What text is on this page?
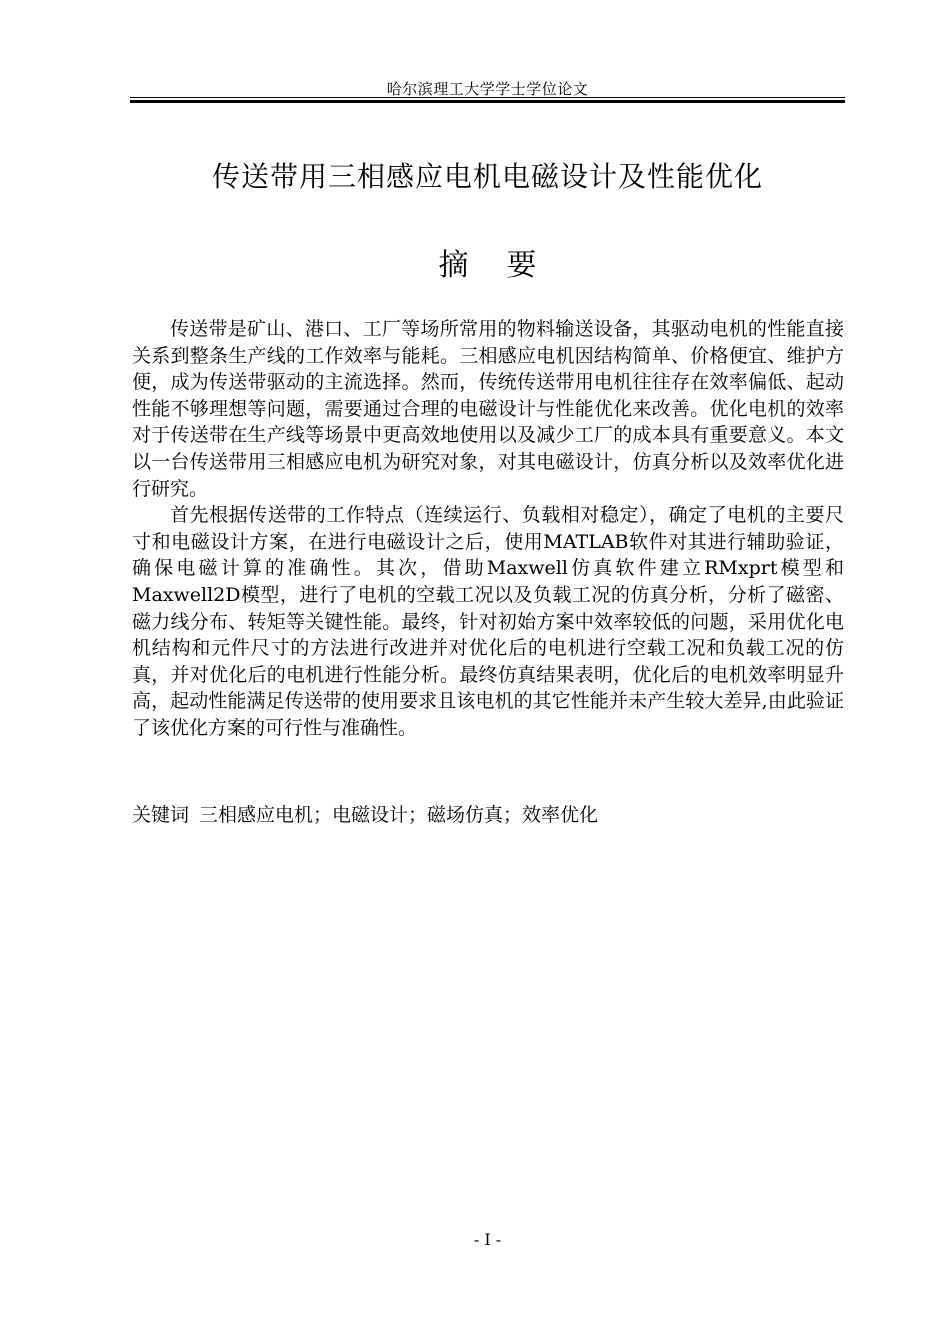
哈尔滨理工大学学士学位论文
传送带用三相感应电机电磁设计及性能优化
摘 要

传送带是矿山、港口、工厂等场所常用的物料输送设备，其驱动电机的性能直接关系到整条生产线的工作效率与能耗。三相感应电机因结构简单、价格便宜、维护方便，成为传送带驱动的主流选择。然而，传统传送带用电机往往存在效率偏低、起动性能不够理想等问题，需要通过合理的电磁设计与性能优化来改善。优化电机的效率对于传送带在生产线等场景中更高效地使用以及减少工厂的成本具有重要意义。本文以一台传送带用三相感应电机为研究对象，对其电磁设计，仿真分析以及效率优化进行研究。

首先根据传送带的工作特点（连续运行、负载相对稳定），确定了电机的主要尺寸和电磁设计方案，在进行电磁设计之后，使用MATLAB软件对其进行辅助验证，确保电磁计算的准确性。其次，借助Maxwell仿真软件建立RMxprt模型和Maxwell2D模型，进行了电机的空载工况以及负载工况的仿真分析，分析了磁密、磁力线分布、转矩等关键性能。最终，针对初始方案中效率较低的问题，采用优化电机结构和元件尺寸的方法进行改进并对优化后的电机进行空载工况和负载工况的仿真，并对优化后的电机进行性能分析。最终仿真结果表明，优化后的电机效率明显升高，起动性能满足传送带的使用要求且该电机的其它性能并未产生较大差异,由此验证了该优化方案的可行性与准确性。

关键词 三相感应电机；电磁设计；磁场仿真；效率优化
- I -
